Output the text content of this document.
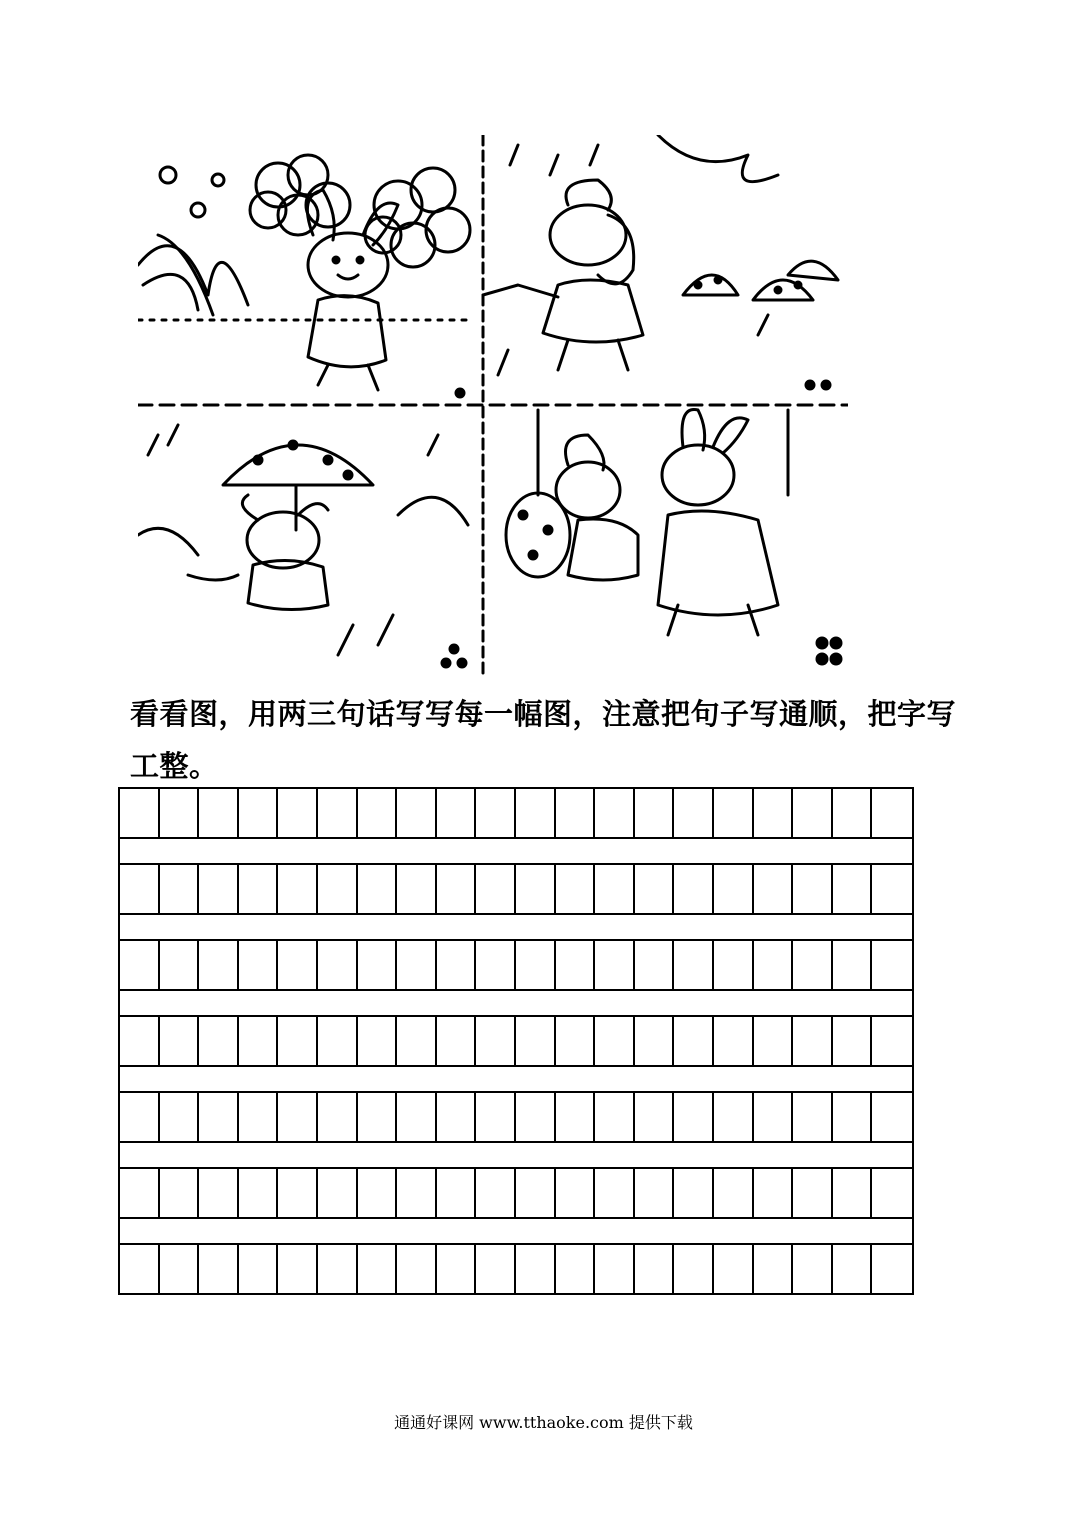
看看图，用两三句话写写每一幅图，注意把句子写通顺，把字写工整。
通通好课网 www.tthaoke.com 提供下载
